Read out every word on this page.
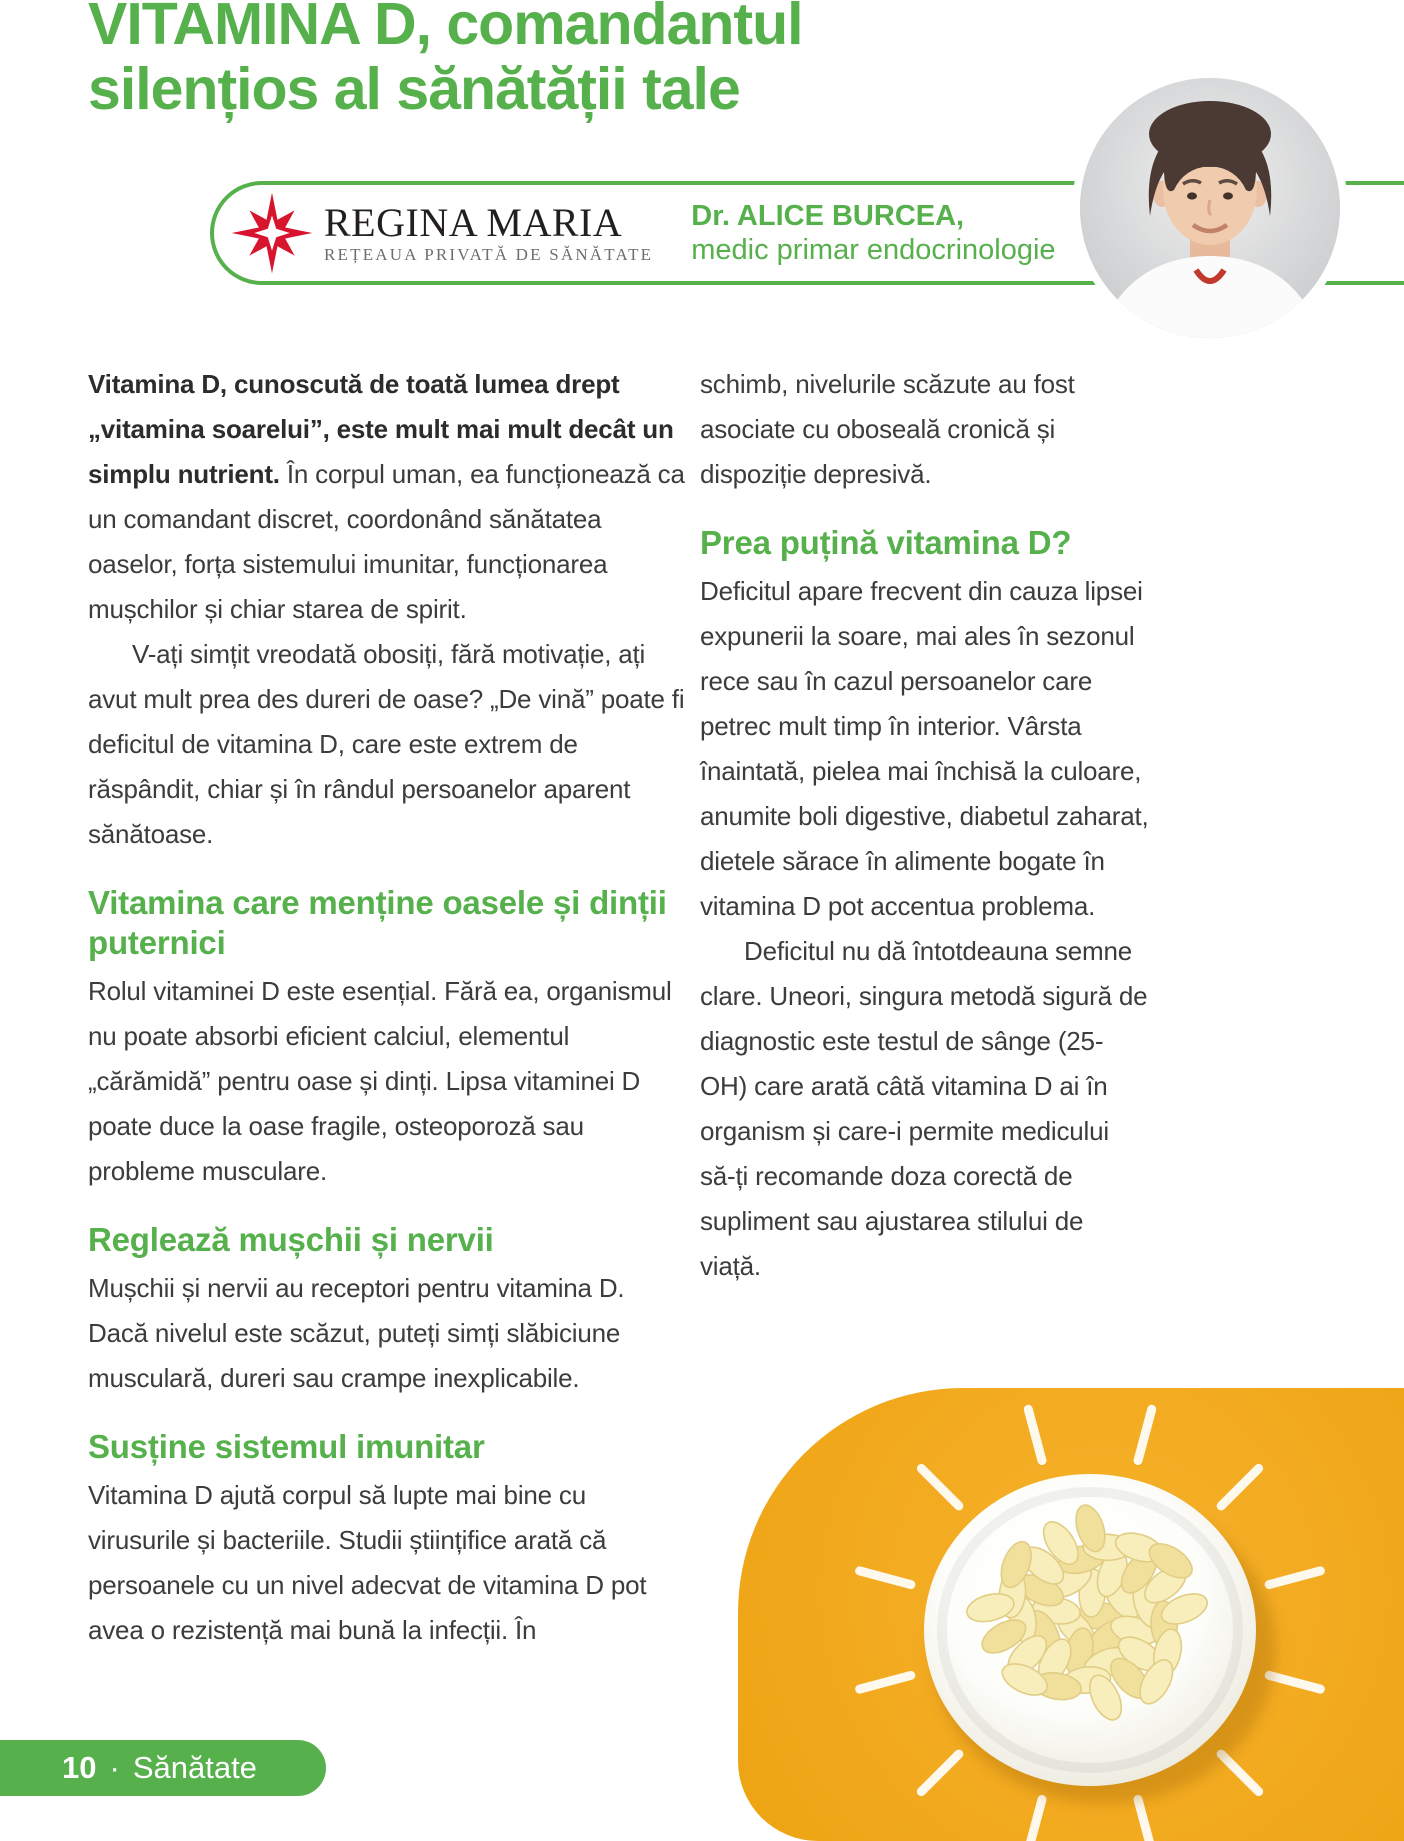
VITAMINA D, comandantul
silențios al sănătății tale
REGINA MARIA
REȚEAUA PRIVATĂ DE SĂNĂTATE
Dr. ALICE BURCEA,
medic primar endocrinologie

Vitamina D, cunoscută de toată lumea drept „vitamina soarelui”, este mult mai mult decât un simplu nutrient. În corpul uman, ea funcționează ca un comandant discret, coordonând sănătatea oaselor, forța sistemului imunitar, funcționarea mușchilor și chiar starea de spirit.

V-ați simțit vreodată obosiți, fără motivație, ați avut mult prea des dureri de oase? „De vină” poate fi deficitul de vitamina D, care este extrem de răspândit, chiar și în rândul persoanelor aparent sănătoase.

Vitamina care menține oasele și dinții puternici

Rolul vitaminei D este esențial. Fără ea, organismul nu poate absorbi eficient calciul, elementul „cărămidă” pentru oase și dinți. Lipsa vitaminei D poate duce la oase fragile, osteoporoză sau probleme musculare.

Reglează mușchii și nervii

Mușchii și nervii au receptori pentru vitamina D. Dacă nivelul este scăzut, puteți simți slăbiciune musculară, dureri sau crampe inexplicabile.

Susține sistemul imunitar

Vitamina D ajută corpul să lupte mai bine cu virusurile și bacteriile. Studii științifice arată că persoanele cu un nivel adecvat de vitamina D pot avea o rezistență mai bună la infecții. În

schimb, nivelurile scăzute au fost asociate cu oboseală cronică și dispoziție depresivă.

Prea puțină vitamina D?

Deficitul apare frecvent din cauza lipsei expunerii la soare, mai ales în sezonul rece sau în cazul persoanelor care petrec mult timp în interior. Vârsta înaintată, pielea mai închisă la culoare, anumite boli digestive, diabetul zaharat, dietele sărace în alimente bogate în vitamina D pot accentua problema.

Deficitul nu dă întotdeauna semne clare. Uneori, singura metodă sigură de diagnostic este testul de sânge (25-OH) care arată câtă vitamina D ai în organism și care-i permite medicului să-ți recomande doza corectă de supliment sau ajustarea stilului de viață.

10 · Sănătate
